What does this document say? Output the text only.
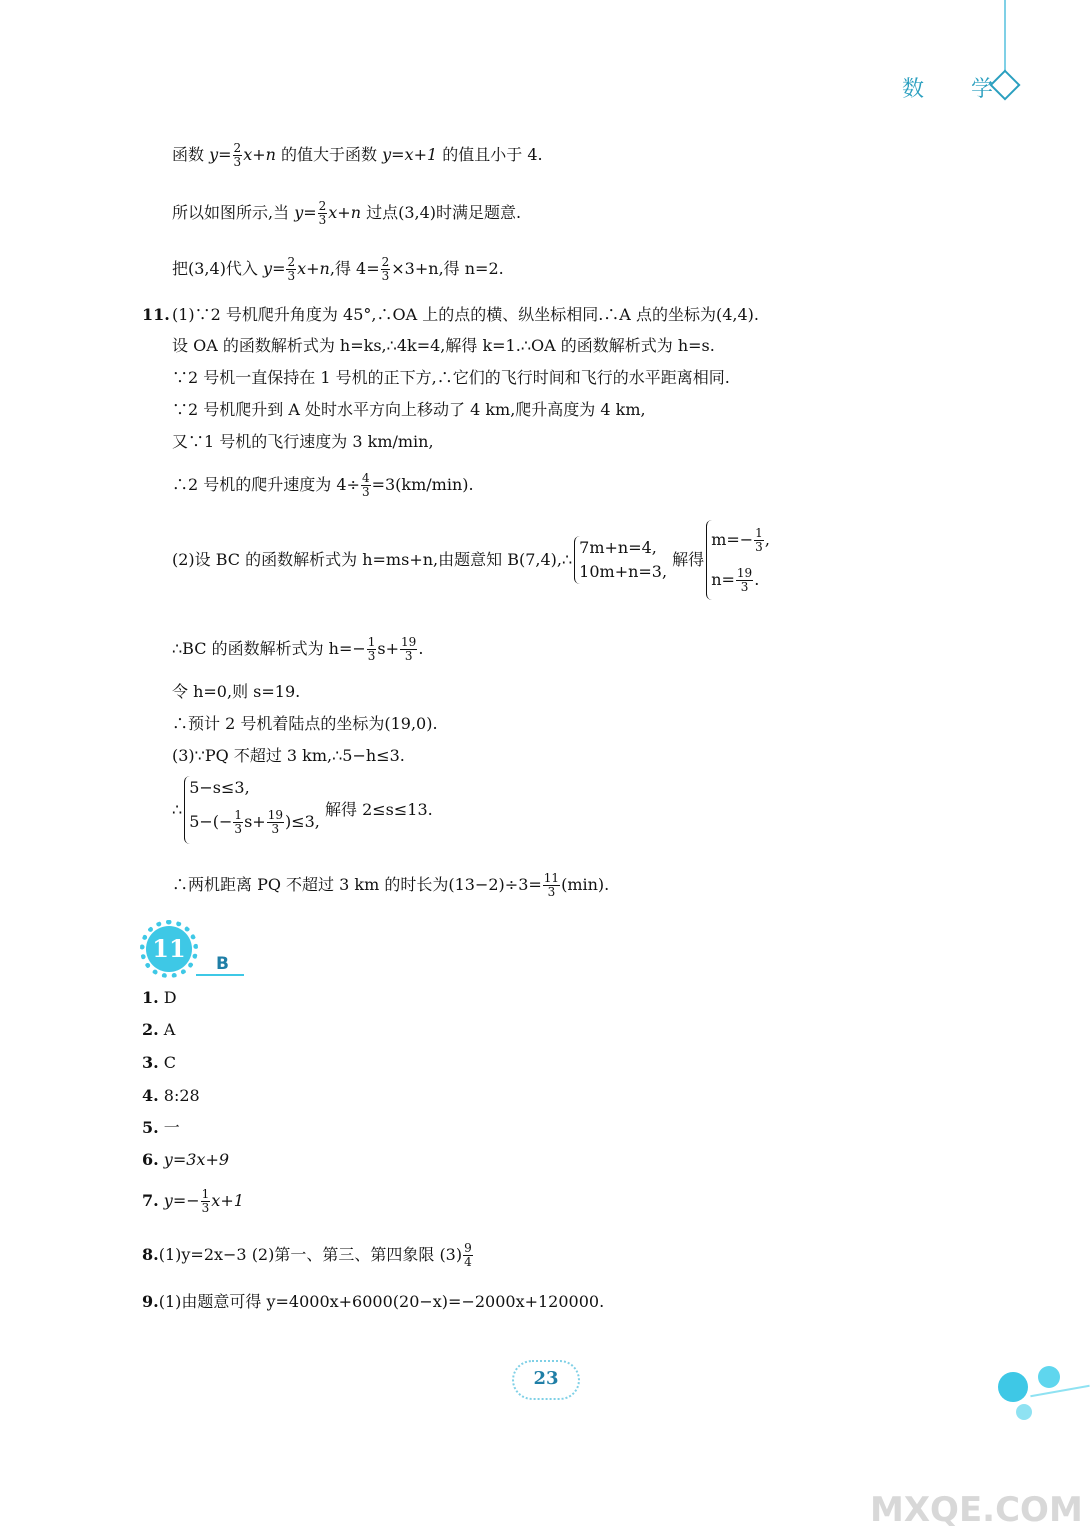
数 学
函数 $y= \frac{2}{3} x+n$ 的值大于函数 y=x+1 的值且小于 4.
所以如图所示,当 $y= \frac{2}{3} x+n$ 过点(3,4)时满足题意.
把(3,4)代入 $y= \frac{2}{3} x+n$,得 $4= \frac{2}{3} \times 3+n$,得 n=2.
11. (1)∵2 号机爬升角度为 45°,∴OA 上的点的横、纵坐标相同.∴A 点的坐标为(4,4).
设 OA 的函数解析式为 h=ks,∴4k=4,解得 k=1.∴OA 的函数解析式为 h=s.
∵2 号机一直保持在 1 号机的正下方,∴它们的飞行时间和飞行的水平距离相同.
∵2 号机爬升到 A 处时水平方向上移动了 4 km,爬升高度为 4 km,
又∵1 号机的飞行速度为 3 km/min,
∴2 号机的爬升速度为 $4\div \frac{4}{3} =3(km/\min)$.
(2)设 BC 的函数解析式为 h=ms+n,由题意知 B(7,4),∴
7m+n=4,
10m+n=3,
解得
$m=- \frac{1}{3}$ ,
$n= \frac{19}{3}$ .
∴BC 的函数解析式为 $h=- \frac{1}{3} s+ \frac{19}{3}$ .
令 h=0,则 s=19.
∴预计 2 号机着陆点的坐标为(19,0).
(3)∵PQ 不超过 3 km,∴5−h≤3.
∴
5−s≤3,
$5-(- \frac{1}{3} s+ \frac{19}{3} )\le 3$,
解得 2≤s≤13.
∴两机距离 PQ 不超过 3 km 的时长为$(13-2)\div 3= \frac{11}{3} (\min)$.
11
B
1. D
2. A
3. C
4. 8:28
5. 一
6. y=3x+9
7. $y=- \frac{1}{3} x+1$
8.(1)y=2x−3 (2)第一、第三、第四象限 $(3) \frac{9}{4}$
9.(1)由题意可得 y=4000x+6000(20−x)=−2000x+120000.
23
MXQE.COM
